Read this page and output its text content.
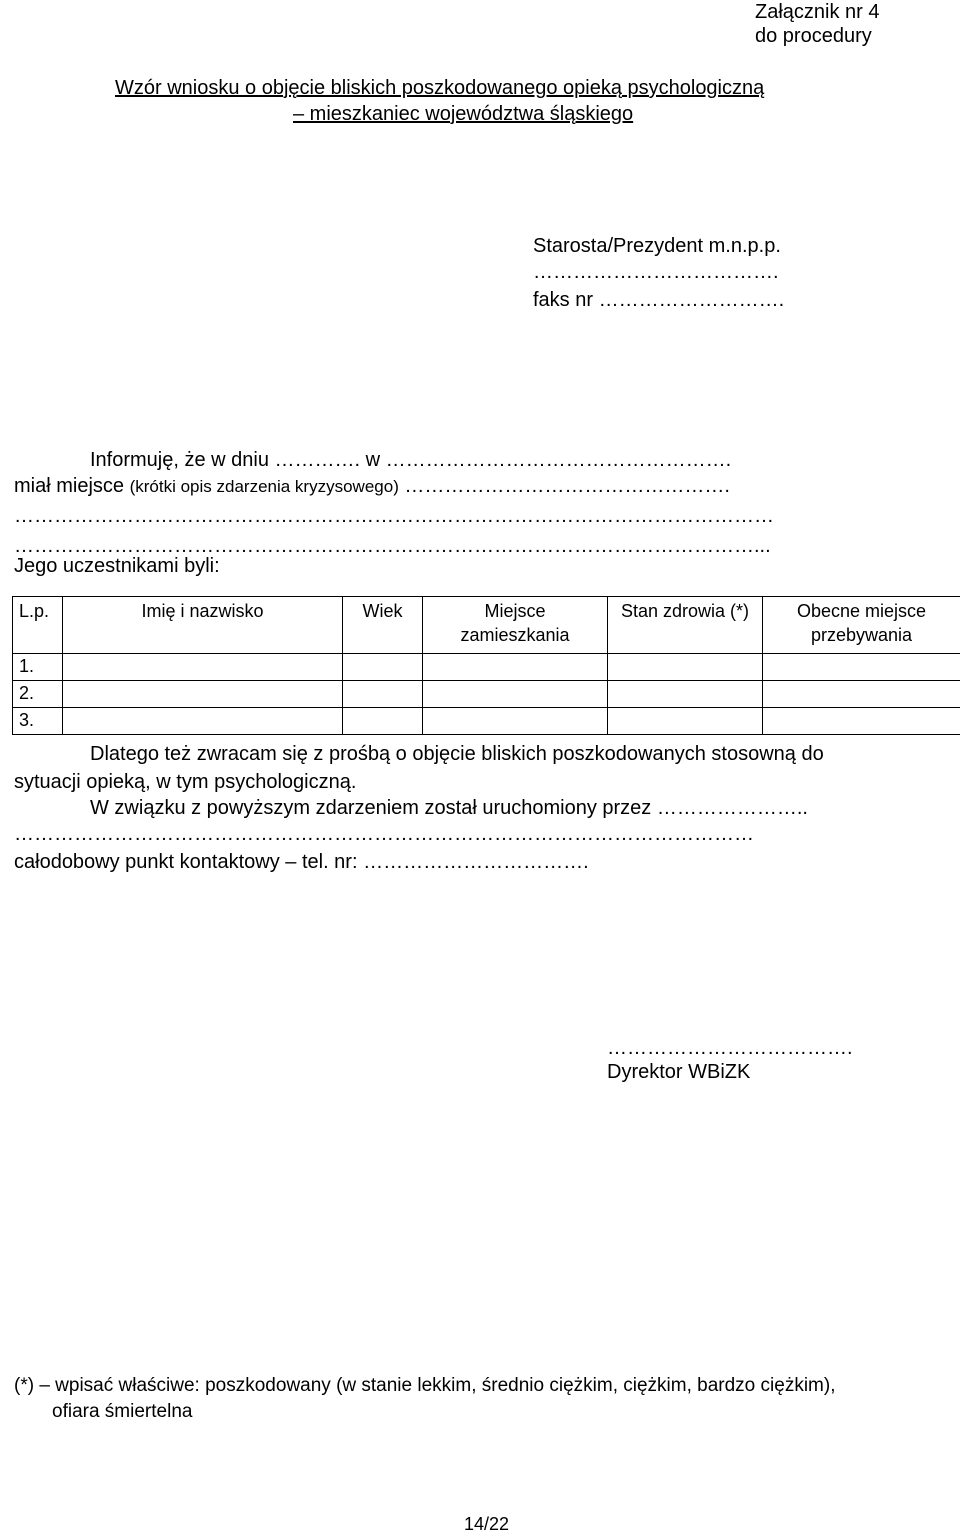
Załącznik nr 4
do procedury
Wzór wniosku o objęcie bliskich poszkodowanego opieką psychologiczną
– mieszkaniec województwa śląskiego
Starosta/Prezydent m.n.p.p.
……………………………….
faks nr ……………………….
Informuję, że w dniu …………. w …………………………………………….
miał miejsce (krótki opis zdarzenia kryzysowego) ………………………………………….
……………………………………………………………………………………………………
…………………………………………………………………………………………………...
Jego uczestnikami byli:
L.p.	Imię i nazwisko	Wiek	Miejsce zamieszkania	Stan zdrowia (*)	Obecne miejsce przebywania
1.					
2.					
3.					
Dlatego też zwracam się z prośbą o objęcie bliskich poszkodowanych stosowną do
sytuacji opieką, w tym psychologiczną.
W związku z powyższym zdarzeniem został uruchomiony przez …………………..
…………………………………………………………………………………………………
całodobowy punkt kontaktowy – tel. nr: …………………………….
……………………………….
Dyrektor WBiZK
(*) – wpisać właściwe: poszkodowany (w stanie lekkim, średnio ciężkim, ciężkim, bardzo ciężkim),
ofiara śmiertelna
14/22
